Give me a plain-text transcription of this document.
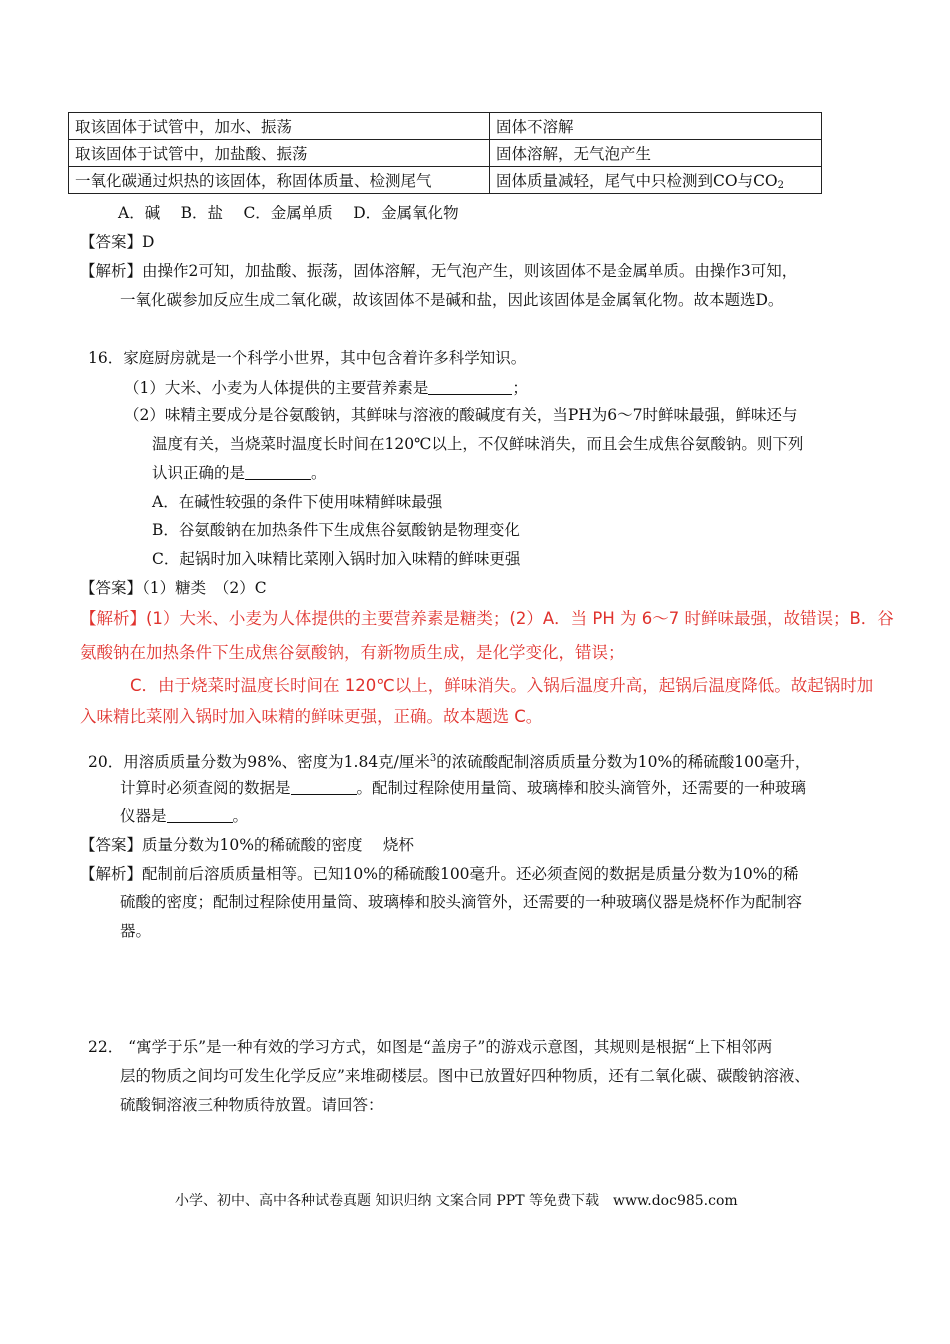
取该固体于试管中，加水、振荡	固体不溶解
取该固体于试管中，加盐酸、振荡	固体溶解，无气泡产生
一氧化碳通过炽热的该固体，称固体质量、检测尾气	固体质量减轻，尾气中只检测到CO与$CO_2$
A．碱　 B．盐　 C．金属单质　 D．金属氧化物
【答案】D
【解析】由操作2可知，加盐酸、振荡，固体溶解，无气泡产生，则该固体不是金属单质。由操作3可知，
一氧化碳参加反应生成二氧化碳，故该固体不是碱和盐，因此该固体是金属氧化物。故本题选D。
16．家庭厨房就是一个科学小世界，其中包含着许多科学知识。
（1）大米、小麦为人体提供的主要营养素是	；
（2）味精主要成分是谷氨酸钠，其鲜味与溶液的酸碱度有关，当PH为6～7时鲜味最强，鲜味还与
温度有关，当烧菜时温度长时间在120℃以上，不仅鲜味消失，而且会生成焦谷氨酸钠。则下列
认识正确的是	。
A．在碱性较强的条件下使用味精鲜味最强
B．谷氨酸钠在加热条件下生成焦谷氨酸钠是物理变化
C．起锅时加入味精比菜刚入锅时加入味精的鲜味更强
【答案】（1）糖类　（2）C
【解析】(1）大米、小麦为人体提供的主要营养素是糖类；(2）A．当 PH 为 6～7 时鲜味最强，故错误；B．谷
氨酸钠在加热条件下生成焦谷氨酸钠，有新物质生成，是化学变化，错误；
C．由于烧菜时温度长时间在 120℃以上，鲜味消失。入锅后温度升高，起锅后温度降低。故起锅时加
入味精比菜刚入锅时加入味精的鲜味更强，正确。故本题选 C。
20．用溶质质量分数为98%、密度为1.84克/厘米$^3$的浓硫酸配制溶质质量分数为10%的稀硫酸100毫升，
计算时必须查阅的数据是	。配制过程除使用量筒、玻璃棒和胶头滴管外，还需要的一种玻璃
仪器是	。
【答案】质量分数为10%的稀硫酸的密度　 烧杯
【解析】配制前后溶质质量相等。已知10%的稀硫酸100毫升。还必须查阅的数据是质量分数为10%的稀
硫酸的密度；配制过程除使用量筒、玻璃棒和胶头滴管外，还需要的一种玻璃仪器是烧杯作为配制容
器。
22． “寓学于乐”是一种有效的学习方式，如图是“盖房子”的游戏示意图，其规则是根据“上下相邻两
层的物质之间均可发生化学反应”来堆砌楼层。图中已放置好四种物质，还有二氧化碳、碳酸钠溶液、
硫酸铜溶液三种物质待放置。请回答：
小学、初中、高中各种试卷真题 知识归纳 文案合同 PPT 等免费下载　www.doc985.com
